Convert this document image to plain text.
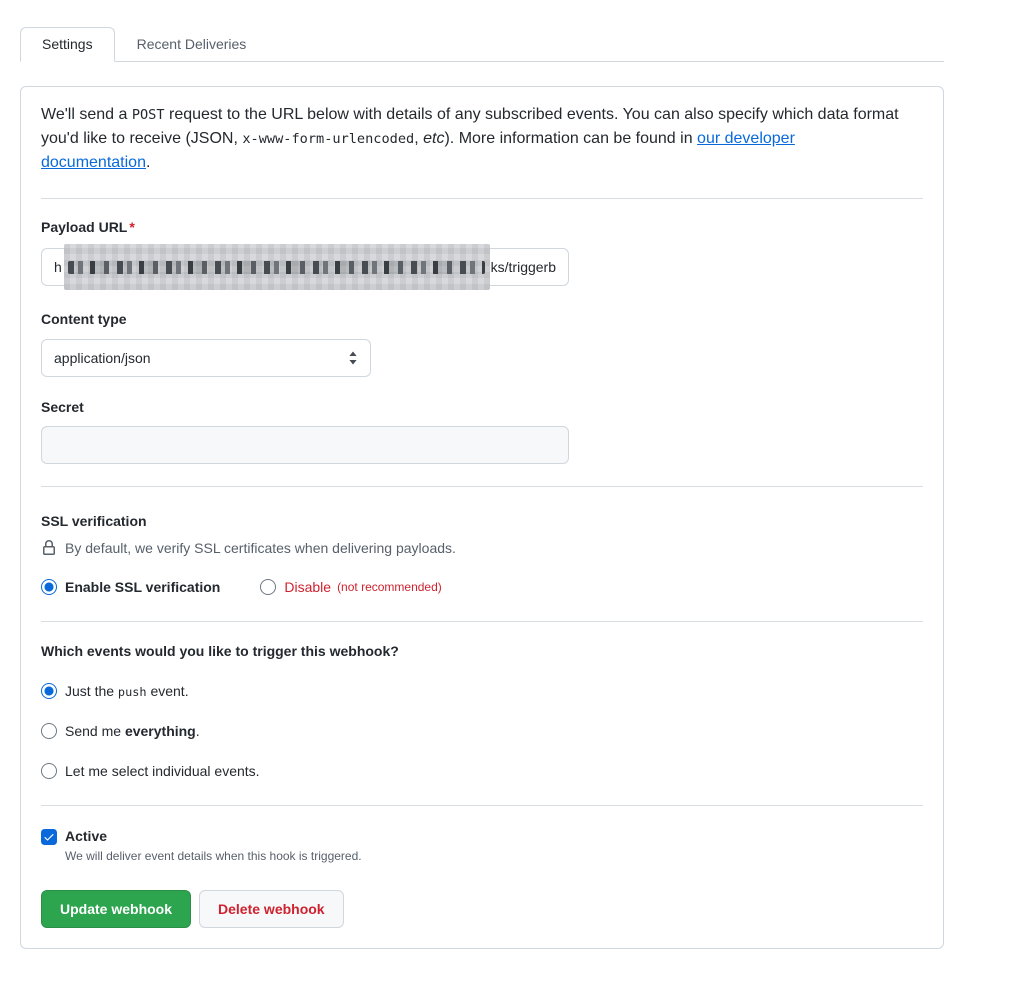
Settings	Recent Deliveries

We'll send a POST request to the URL below with details of any subscribed events. You can also specify which data format you'd like to receive (JSON, x-www-form-urlencoded, etc). More information can be found in our developer documentation.

Payload URL *
h	ks/triggerb
Content type
application/json
Secret
SSL verification
By default, we verify SSL certificates when delivering payloads.
Enable SSL verification	Disable (not recommended)
Which events would you like to trigger this webhook?
Just the push event.
Send me everything.
Let me select individual events.
Active
We will deliver event details when this hook is triggered.
Update webhook	Delete webhook
